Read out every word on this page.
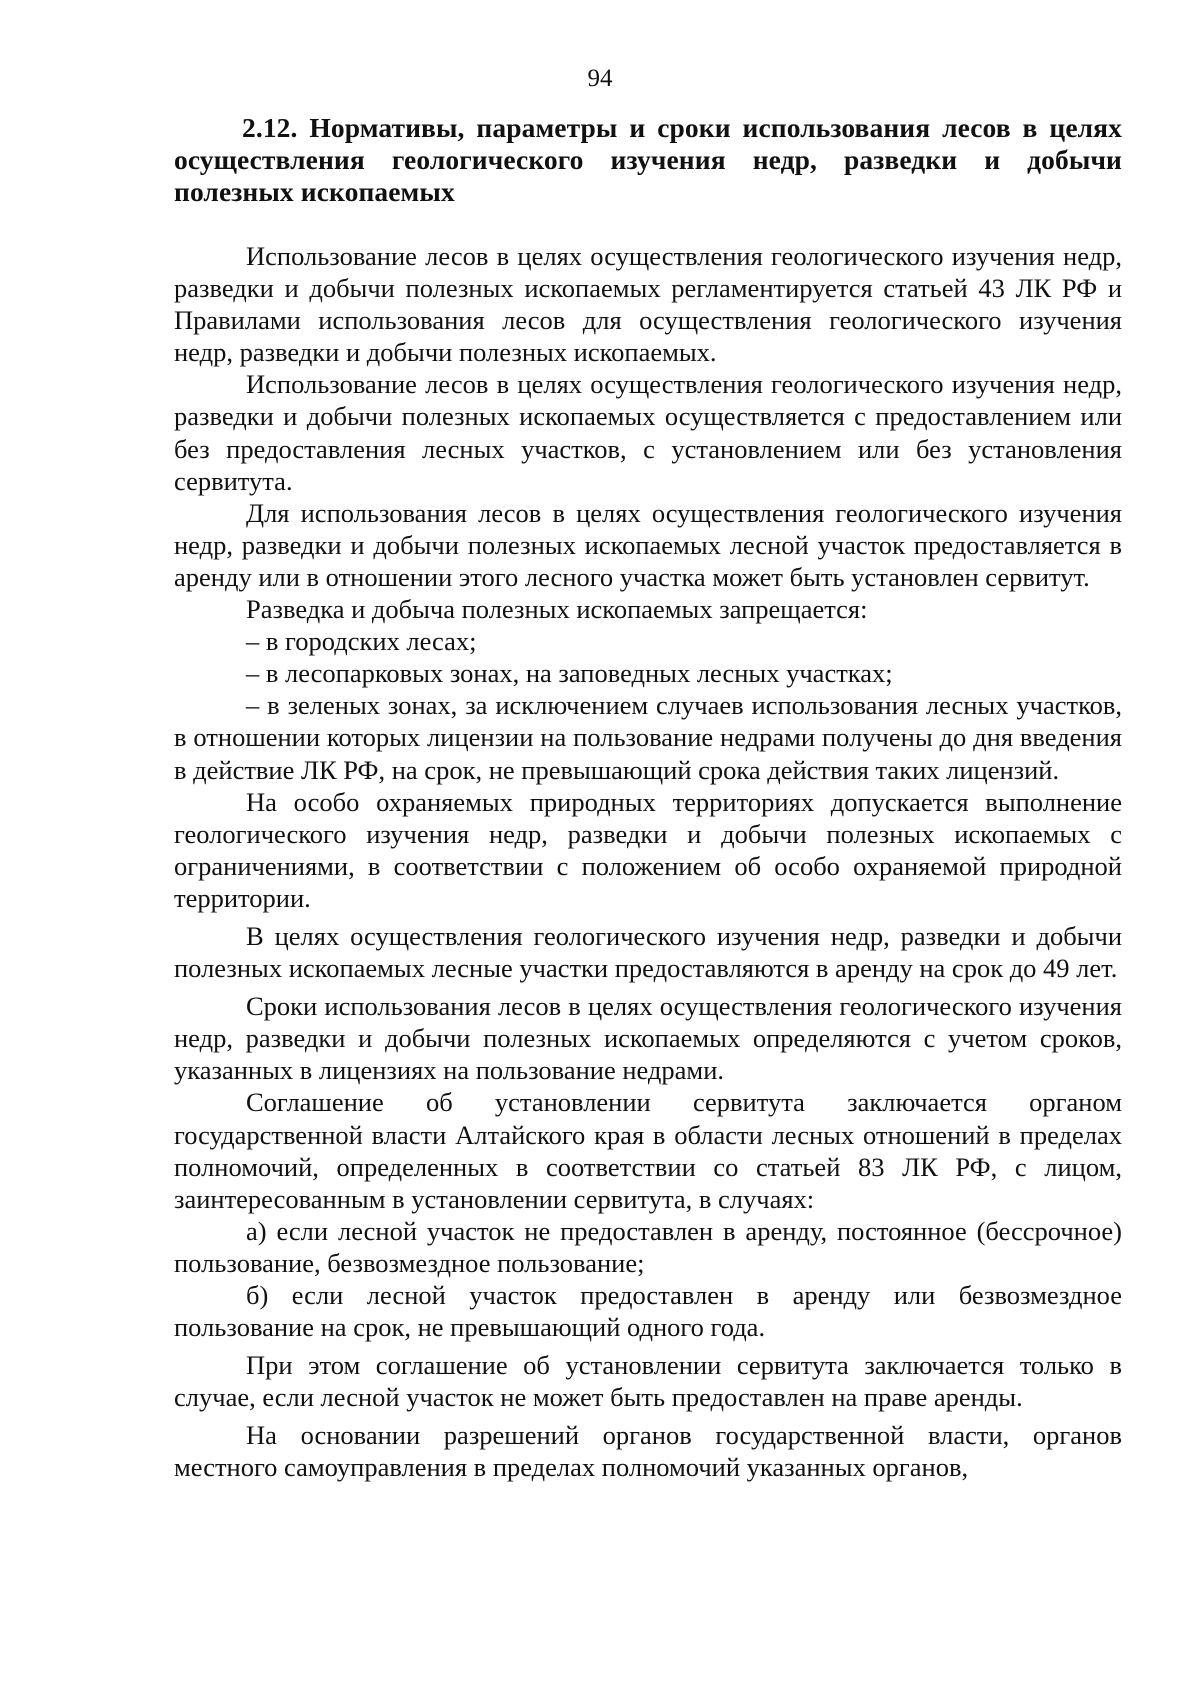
94
2.12. Нормативы, параметры и сроки использования лесов в целях осуществления геологического изучения недр, разведки и добычи полезных ископаемых

Использование лесов в целях осуществления геологического изучения недр, разведки и добычи полезных ископаемых регламентируется статьей 43 ЛК РФ и Правилами использования лесов для осуществления геологического изучения недр, разведки и добычи полезных ископаемых.

Использование лесов в целях осуществления геологического изучения недр, разведки и добычи полезных ископаемых осуществляется с предоставлением или без предоставления лесных участков, с установлением или без установления сервитута.

Для использования лесов в целях осуществления геологического изучения недр, разведки и добычи полезных ископаемых лесной участок предоставляется в аренду или в отношении этого лесного участка может быть установлен сервитут.

Разведка и добыча полезных ископаемых запрещается:

– в городских лесах;

– в лесопарковых зонах, на заповедных лесных участках;

– в зеленых зонах, за исключением случаев использования лесных участков, в отношении которых лицензии на пользование недрами получены до дня введения в действие ЛК РФ, на срок, не превышающий срока действия таких лицензий.

На особо охраняемых природных территориях допускается выполнение геологического изучения недр, разведки и добычи полезных ископаемых с ограничениями, в соответствии с положением об особо охраняемой природной территории.

В целях осуществления геологического изучения недр, разведки и добычи полезных ископаемых лесные участки предоставляются в аренду на срок до 49 лет.

Сроки использования лесов в целях осуществления геологического изучения недр, разведки и добычи полезных ископаемых определяются с учетом сроков, указанных в лицензиях на пользование недрами.

Соглашение об установлении сервитута заключается органом государственной власти Алтайского края в области лесных отношений в пределах полномочий, определенных в соответствии со статьей 83 ЛК РФ, с лицом, заинтересованным в установлении сервитута, в случаях:

а) если лесной участок не предоставлен в аренду, постоянное (бессрочное) пользование, безвозмездное пользование;

б) если лесной участок предоставлен в аренду или безвозмездное пользование на срок, не превышающий одного года.

При этом соглашение об установлении сервитута заключается только в случае, если лесной участок не может быть предоставлен на праве аренды.

На основании разрешений органов государственной власти, органов местного самоуправления в пределах полномочий указанных органов,
